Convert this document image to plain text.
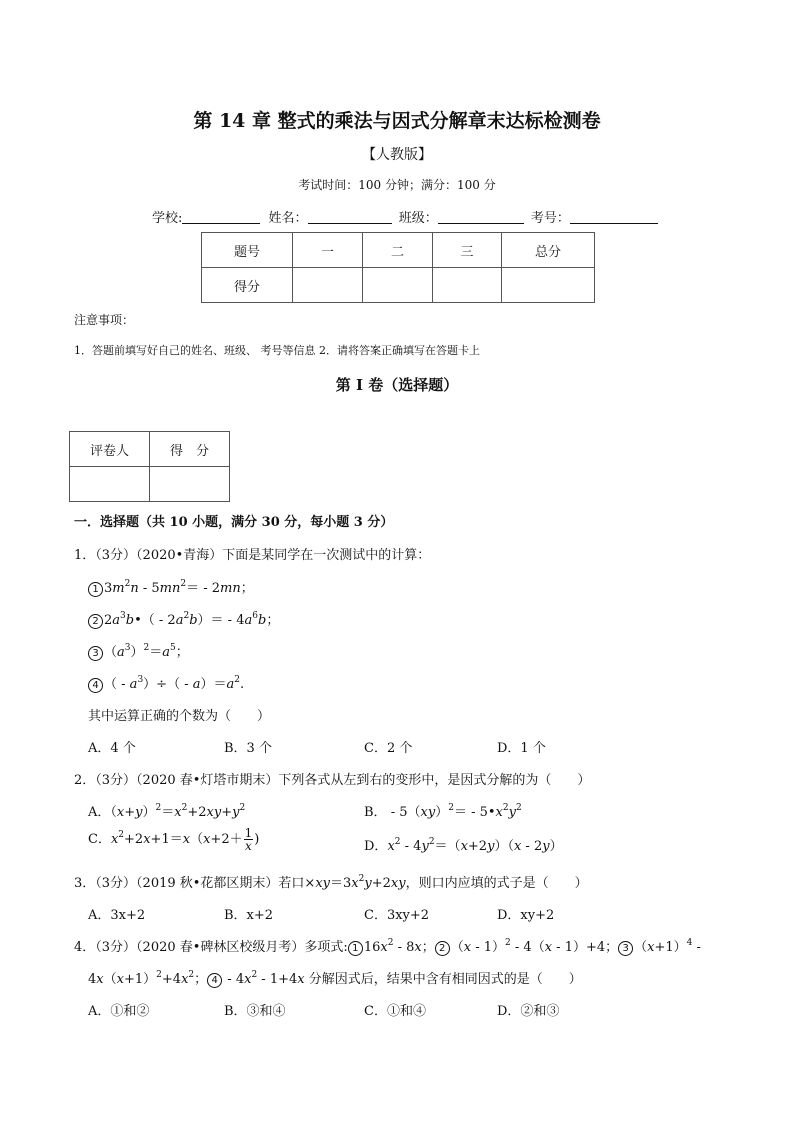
第 14 章 整式的乘法与因式分解章末达标检测卷
【人教版】
考试时间：100 分钟；满分：100 分
学校:	姓名：	班级：	考号：
题号	一	二	三	总分
得分				
注意事项：
1．答题前填写好自己的姓名、班级、 考号等信息 2．请将答案正确填写在答题卡上
第 I 卷（选择题）
评卷人	得　分

一．选择题（共 10 小题，满分 30 分，每小题 3 分）
1．（3分）（2020•青海）下面是某同学在一次测试中的计算：
1 $3m^2n - 5mn^2= - 2mn$；
2 $2a^3b•( - 2a^2b)= - 4a^6b$；
3 $(a^3)^2=a^5$；
4 （ - $a^3)\div( - a)=a^2$.
其中运算正确的个数为（　　）
A．4 个	B．3 个	C．2 个	D．1 个
2．（3分）（2020 春•灯塔市期末）下列各式从左到右的变形中，是因式分解的为（　　）
A．$(x+y)^2=x^2+2xy+y^2$	B． - $5(xy)^2= - 5•x^2y^2$
C．$x^2+2x+1=x(x+2+ \frac{1}{x}$ )	D．$x^2 - 4y^2=(x+2y)(x - 2y)$
3．（3分）（2019 秋•花都区期末）若口$\times xy=3x^2y+2xy$，则口内应填的式子是（　　）
A．3x+2	B．x+2	C．3xy+2	D．xy+2
4．（3分）（2020 春•碑林区校级月考）多项式: 1 $16x^2 - 8x$； 2 （x - 1）$^2$ - 4（x - 1）+4； 3 $(x+1)^4$ -
$4x(x+1)^2+4x^2$； $4 - 4x^2 - 1+4x$ 分解因式后，结果中含有相同因式的是（　　）
A．①和②	B．③和④	C．①和④	D．②和③
